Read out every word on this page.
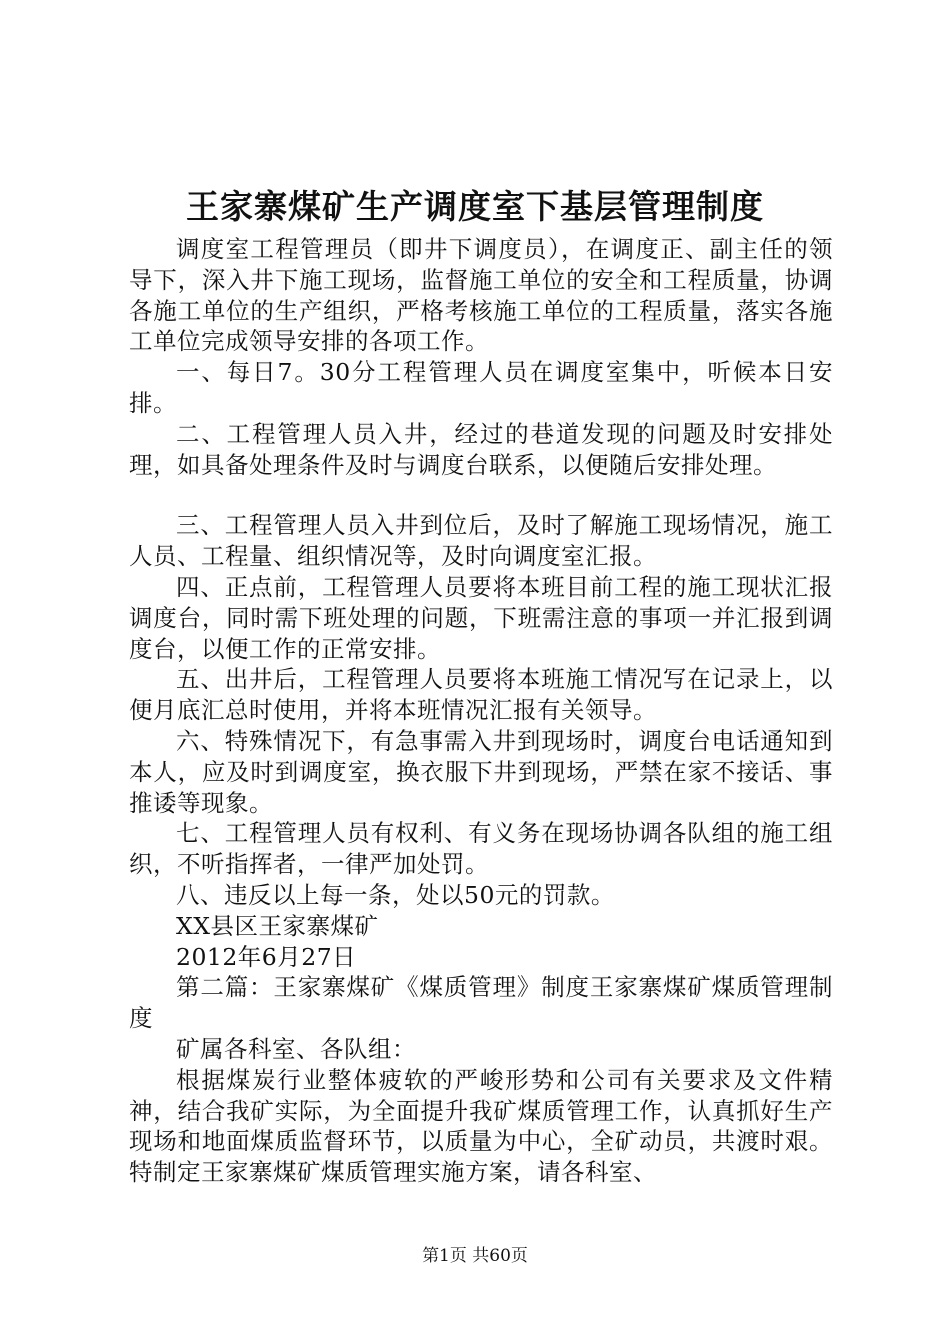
王家寨煤矿生产调度室下基层管理制度

调度室工程管理员（即井下调度员），在调度正、副主任的领导下，深入井下施工现场，监督施工单位的安全和工程质量，协调各施工单位的生产组织，严格考核施工单位的工程质量，落实各施工单位完成领导安排的各项工作。

一、每日7。30分工程管理人员在调度室集中，听候本日安排。

二、工程管理人员入井，经过的巷道发现的问题及时安排处理，如具备处理条件及时与调度台联系，以便随后安排处理。

三、工程管理人员入井到位后，及时了解施工现场情况，施工人员、工程量、组织情况等，及时向调度室汇报。

四、正点前，工程管理人员要将本班目前工程的施工现状汇报调度台，同时需下班处理的问题，下班需注意的事项一并汇报到调度台，以便工作的正常安排。

五、出井后，工程管理人员要将本班施工情况写在记录上，以便月底汇总时使用，并将本班情况汇报有关领导。

六、特殊情况下，有急事需入井到现场时，调度台电话通知到本人，应及时到调度室，换衣服下井到现场，严禁在家不接话、事推诿等现象。

七、工程管理人员有权利、有义务在现场协调各队组的施工组织，不听指挥者，一律严加处罚。

八、违反以上每一条，处以50元的罚款。

XX县区王家寨煤矿

2012年6月27日

第二篇：王家寨煤矿《煤质管理》制度王家寨煤矿煤质管理制度

矿属各科室、各队组：

根据煤炭行业整体疲软的严峻形势和公司有关要求及文件精神，结合我矿实际，为全面提升我矿煤质管理工作，认真抓好生产现场和地面煤质监督环节，以质量为中心，全矿动员，共渡时艰。特制定王家寨煤矿煤质管理实施方案，请各科室、

第1页 共60页
